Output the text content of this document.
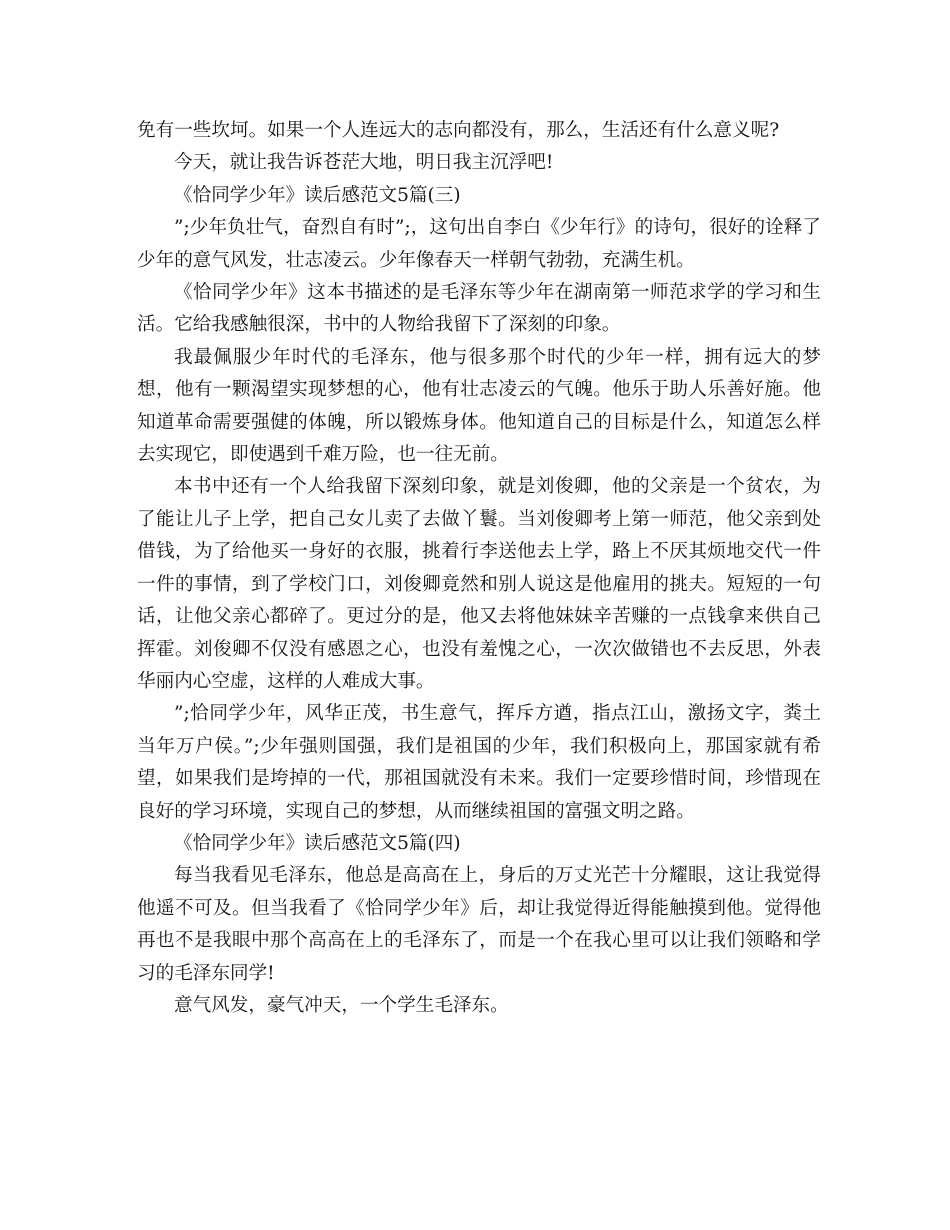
免有一些坎坷。如果一个人连远大的志向都没有，那么，生活还有什么意义呢?

今天，就让我告诉苍茫大地，明日我主沉浮吧!

《恰同学少年》读后感范文5篇(三)

”;少年负壮气，奋烈自有时”;，这句出自李白《少年行》的诗句，很好的诠释了少年的意气风发，壮志凌云。少年像春天一样朝气勃勃，充满生机。

《恰同学少年》这本书描述的是毛泽东等少年在湖南第一师范求学的学习和生活。它给我感触很深，书中的人物给我留下了深刻的印象。

我最佩服少年时代的毛泽东，他与很多那个时代的少年一样，拥有远大的梦想，他有一颗渴望实现梦想的心，他有壮志凌云的气魄。他乐于助人乐善好施。他知道革命需要强健的体魄，所以锻炼身体。他知道自己的目标是什么，知道怎么样去实现它，即使遇到千难万险，也一往无前。

本书中还有一个人给我留下深刻印象，就是刘俊卿，他的父亲是一个贫农，为了能让儿子上学，把自己女儿卖了去做丫鬟。当刘俊卿考上第一师范，他父亲到处借钱，为了给他买一身好的衣服，挑着行李送他去上学，路上不厌其烦地交代一件一件的事情，到了学校门口，刘俊卿竟然和别人说这是他雇用的挑夫。短短的一句话，让他父亲心都碎了。更过分的是，他又去将他妹妹辛苦赚的一点钱拿来供自己挥霍。刘俊卿不仅没有感恩之心，也没有羞愧之心，一次次做错也不去反思，外表华丽内心空虚，这样的人难成大事。

”;恰同学少年，风华正茂，书生意气，挥斥方遒，指点江山，激扬文字，粪土当年万户侯。”;少年强则国强，我们是祖国的少年，我们积极向上，那国家就有希望，如果我们是垮掉的一代，那祖国就没有未来。我们一定要珍惜时间，珍惜现在良好的学习环境，实现自己的梦想，从而继续祖国的富强文明之路。

《恰同学少年》读后感范文5篇(四)

每当我看见毛泽东，他总是高高在上，身后的万丈光芒十分耀眼，这让我觉得他遥不可及。但当我看了《恰同学少年》后，却让我觉得近得能触摸到他。觉得他再也不是我眼中那个高高在上的毛泽东了，而是一个在我心里可以让我们领略和学习的毛泽东同学!

意气风发，豪气冲天，一个学生毛泽东。
